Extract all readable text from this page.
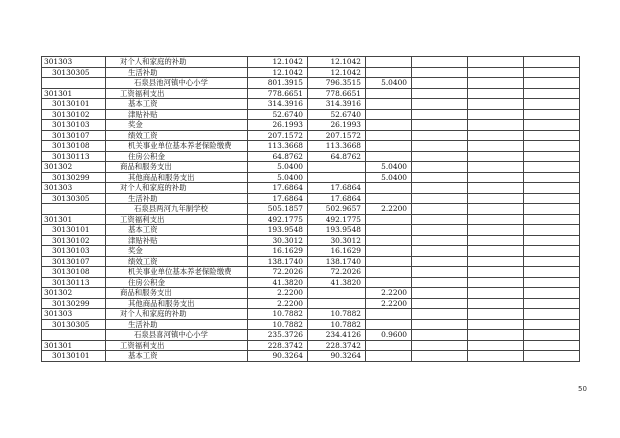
301303	对个人和家庭的补助	12.1042	12.1042				
30130305	生活补助	12.1042	12.1042				
	石泉县池河镇中心小学	801.3915	796.3515	5.0400			
301301	工资福利支出	778.6651	778.6651				
30130101	基本工资	314.3916	314.3916				
30130102	津贴补贴	52.6740	52.6740				
30130103	奖金	26.1993	26.1993				
30130107	绩效工资	207.1572	207.1572				
30130108	机关事业单位基本养老保险缴费	113.3668	113.3668				
30130113	住房公积金	64.8762	64.8762				
301302	商品和服务支出	5.0400		5.0400			
30130299	其他商品和服务支出	5.0400		5.0400			
301303	对个人和家庭的补助	17.6864	17.6864				
30130305	生活补助	17.6864	17.6864				
	石泉县两河九年制学校	505.1857	502.9657	2.2200			
301301	工资福利支出	492.1775	492.1775				
30130101	基本工资	193.9548	193.9548				
30130102	津贴补贴	30.3012	30.3012				
30130103	奖金	16.1629	16.1629				
30130107	绩效工资	138.1740	138.1740				
30130108	机关事业单位基本养老保险缴费	72.2026	72.2026				
30130113	住房公积金	41.3820	41.3820				
301302	商品和服务支出	2.2200		2.2200			
30130299	其他商品和服务支出	2.2200		2.2200			
301303	对个人和家庭的补助	10.7882	10.7882				
30130305	生活补助	10.7882	10.7882				
	石泉县喜河镇中心小学	235.3726	234.4126	0.9600			
301301	工资福利支出	228.3742	228.3742				
30130101	基本工资	90.3264	90.3264				
50
